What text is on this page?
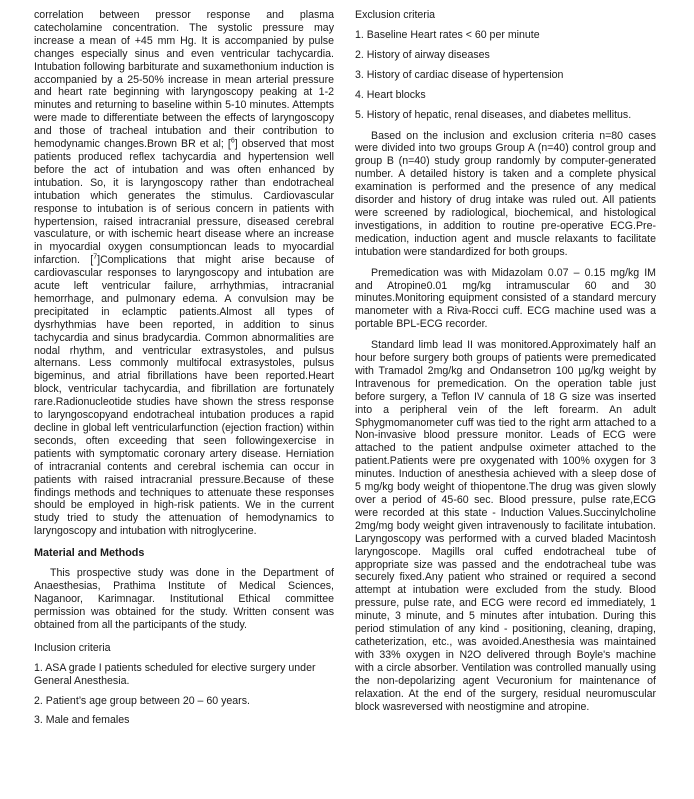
correlation between pressor response and plasma catecholamine concentration. The systolic pressure may increase a mean of +45 mm Hg. It is accompanied by pulse changes especially sinus and even ventricular tachycardia. Intubation following barbiturate and suxamethonium induction is accompanied by a 25-50% increase in mean arterial pressure and heart rate beginning with laryngoscopy peaking at 1-2 minutes and returning to baseline within 5-10 minutes. Attempts were made to differentiate between the effects of laryngoscopy and those of tracheal intubation and their contribution to hemodynamic changes.Brown BR et al; [$^6$] observed that most patients produced reflex tachycardia and hypertension well before the act of intubation and was often enhanced by intubation. So, it is laryngoscopy rather than endotracheal intubation which generates the stimulus. Cardiovascular response to intubation is of serious concern in patients with hypertension, raised intracranial pressure, diseased cerebral vasculature, or with ischemic heart disease where an increase in myocardial oxygen consumptioncan leads to myocardial infarction. [$^7$]Complications that might arise because of cardiovascular responses to laryngoscopy and intubation are acute left ventricular failure, arrhythmias, intracranial hemorrhage, and pulmonary edema. A convulsion may be precipitated in eclamptic patients.Almost all types of dysrhythmias have been reported, in addition to sinus tachycardia and sinus bradycardia. Common abnormalities are nodal rhythm, and ventricular extrasystoles, and pulsus alternans. Less commonly multifocal extrasystoles, pulsus bigeminus, and atrial fibrillations have been reported.Heart block, ventricular tachycardia, and fibrillation are fortunately rare.Radionucleotide studies have shown the stress response to laryngoscopyand endotracheal intubation produces a rapid decline in global left ventricularfunction (ejection fraction) within seconds, often exceeding that seen followingexercise in patients with symptomatic coronary artery disease. Herniation of intracranial contents and cerebral ischemia can occur in patients with raised intracranial pressure.Because of these findings methods and techniques to attenuate these responses should be employed in high-risk patients. We in the current study tried to study the attenuation of hemodynamics to laryngoscopy and intubation with nitroglycerine.

Material and Methods

This prospective study was done in the Department of Anaesthesias, Prathima Institute of Medical Sciences, Naganoor, Karimnagar. Institutional Ethical committee permission was obtained for the study. Written consent was obtained from all the participants of the study.

Inclusion criteria
1. ASA grade I patients scheduled for elective surgery under General Anesthesia.
2. Patient’s age group between 20 – 60 years.
3. Male and females
Exclusion criteria
1. Baseline Heart rates < 60 per minute
2. History of airway diseases
3. History of cardiac disease of hypertension
4. Heart blocks
5. History of hepatic, renal diseases, and diabetes mellitus.

Based on the inclusion and exclusion criteria n=80 cases were divided into two groups Group A (n=40) control group and group B (n=40) study group randomly by computer-generated number. A detailed history is taken and a complete physical examination is performed and the presence of any medical disorder and history of drug intake was ruled out. All patients were screened by radiological, biochemical, and histological investigations, in addition to routine pre-operative ECG.Pre-medication, induction agent and muscle relaxants to facilitate intubation were standardized for both groups.

Premedication was with Midazolam 0.07 – 0.15 mg/kg IM and Atropine0.01 mg/kg intramuscular 60 and 30 minutes.Monitoring equipment consisted of a standard mercury manometer with a Riva-Rocci cuff. ECG machine used was a portable BPL-ECG recorder.

Standard limb lead II was monitored.Approximately half an hour before surgery both groups of patients were premedicated with Tramadol 2mg/kg and Ondansetron 100 µg/kg weight by Intravenous for premedication. On the operation table just before surgery, a Teflon IV cannula of 18 G size was inserted into a peripheral vein of the left forearm. An adult Sphygmomanometer cuff was tied to the right arm attached to a Non-invasive blood pressure monitor. Leads of ECG were attached to the patient andpulse oximeter attached to the patient.Patients were pre oxygenated with 100% oxygen for 3 minutes. Induction of anesthesia achieved with a sleep dose of 5 mg/kg body weight of thiopentone.The drug was given slowly over a period of 45-60 sec. Blood pressure, pulse rate,ECG were recorded at this state - Induction Values.Succinylcholine 2mg/mg body weight given intravenously to facilitate intubation. Laryngoscopy was performed with a curved bladed Macintosh laryngoscope. Magills oral cuffed endotracheal tube of appropriate size was passed and the endotracheal tube was securely fixed.Any patient who strained or required a second attempt at intubation were excluded from the study. Blood pressure, pulse rate, and ECG were record ed immediately, 1 minute, 3 minute, and 5 minutes after intubation. During this period stimulation of any kind - positioning, cleaning, draping, catheterization, etc., was avoided.Anesthesia was maintained with 33% oxygen in N2O delivered through Boyle's machine with a circle absorber. Ventilation was controlled manually using the non-depolarizing agent Vecuronium for maintenance of relaxation. At the end of the surgery, residual neuromuscular block wasreversed with neostigmine and atropine.
